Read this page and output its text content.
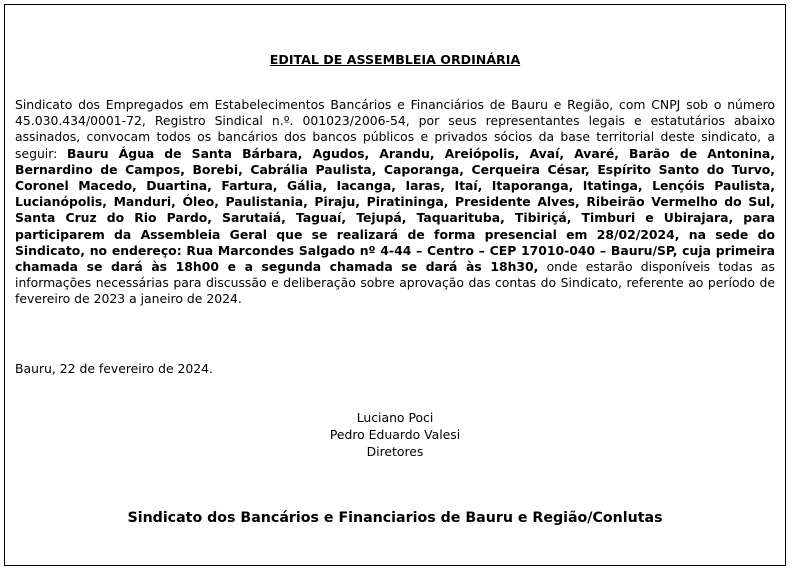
EDITAL DE ASSEMBLEIA ORDINÁRIA
Sindicato dos Empregados em Estabelecimentos Bancários e Financiários de Bauru e Região, com CNPJ sob o número 45.030.434/0001-72, Registro Sindical n.º. 001023/2006-54, por seus representantes legais e estatutários abaixo assinados, convocam todos os bancários dos bancos públicos e privados sócios da base territorial deste sindicato, a seguir: Bauru Água de Santa Bárbara, Agudos, Arandu, Areiópolis, Avaí, Avaré, Barão de Antonina, Bernardino de Campos, Borebi, Cabrália Paulista, Caporanga, Cerqueira César, Espírito Santo do Turvo, Coronel Macedo, Duartina, Fartura, Gália, Iacanga, Iaras, Itaí, Itaporanga, Itatinga, Lençóis Paulista, Lucianópolis, Manduri, Óleo, Paulistania, Piraju, Piratininga, Presidente Alves, Ribeirão Vermelho do Sul, Santa Cruz do Rio Pardo, Sarutaiá, Taguaí, Tejupá, Taquarituba, Tibiriçá, Timburi e Ubirajara, para participarem da Assembleia Geral que se realizará de forma presencial em 28/02/2024, na sede do Sindicato, no endereço: Rua Marcondes Salgado nº 4-44 – Centro – CEP 17010-040 – Bauru/SP, cuja primeira chamada se dará às 18h00 e a segunda chamada se dará às 18h30, onde estarão disponíveis todas as informações necessárias para discussão e deliberação sobre aprovação das contas do Sindicato, referente ao período de fevereiro de 2023 a janeiro de 2024.
Bauru, 22 de fevereiro de 2024.
Luciano Poci
Pedro Eduardo Valesi
Diretores
Sindicato dos Bancários e Financiarios de Bauru e Região/Conlutas
